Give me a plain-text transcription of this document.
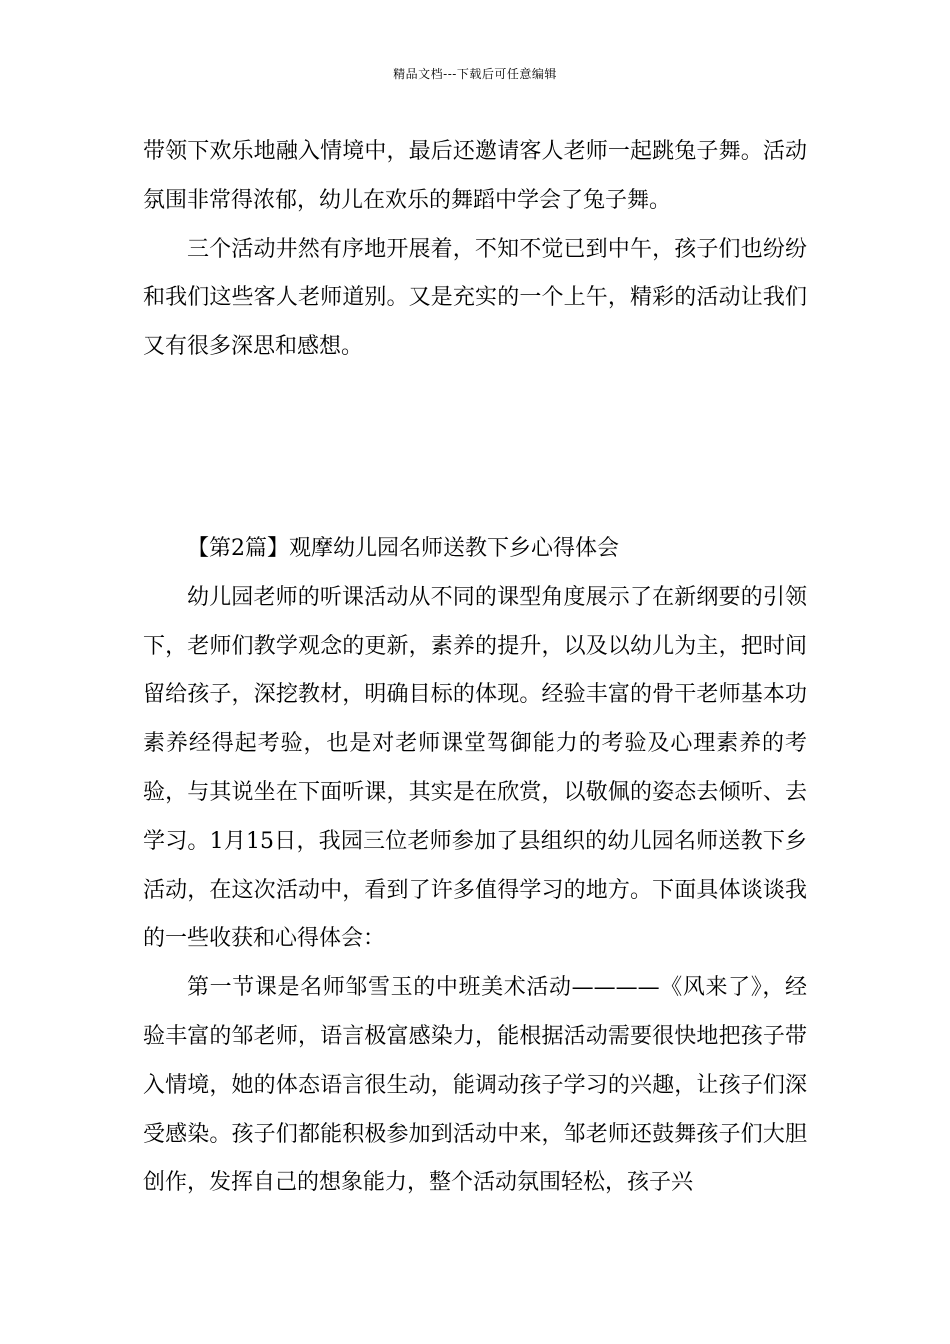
精品文档---下载后可任意编辑

带领下欢乐地融入情境中，最后还邀请客人老师一起跳兔子舞。活动氛围非常得浓郁，幼儿在欢乐的舞蹈中学会了兔子舞。

三个活动井然有序地开展着，不知不觉已到中午，孩子们也纷纷和我们这些客人老师道别。又是充实的一个上午，精彩的活动让我们又有很多深思和感想。

【第2篇】观摩幼儿园名师送教下乡心得体会

幼儿园老师的听课活动从不同的课型角度展示了在新纲要的引领下，老师们教学观念的更新，素养的提升，以及以幼儿为主，把时间留给孩子，深挖教材，明确目标的体现。经验丰富的骨干老师基本功素养经得起考验，也是对老师课堂驾御能力的考验及心理素养的考验，与其说坐在下面听课，其实是在欣赏，以敬佩的姿态去倾听、去学习。1月15日，我园三位老师参加了县组织的幼儿园名师送教下乡活动，在这次活动中，看到了许多值得学习的地方。下面具体谈谈我的一些收获和心得体会：

第一节课是名师邹雪玉的中班美术活动————《风来了》，经验丰富的邹老师，语言极富感染力，能根据活动需要很快地把孩子带入情境，她的体态语言很生动，能调动孩子学习的兴趣，让孩子们深受感染。孩子们都能积极参加到活动中来，邹老师还鼓舞孩子们大胆创作，发挥自己的想象能力，整个活动氛围轻松，孩子兴
